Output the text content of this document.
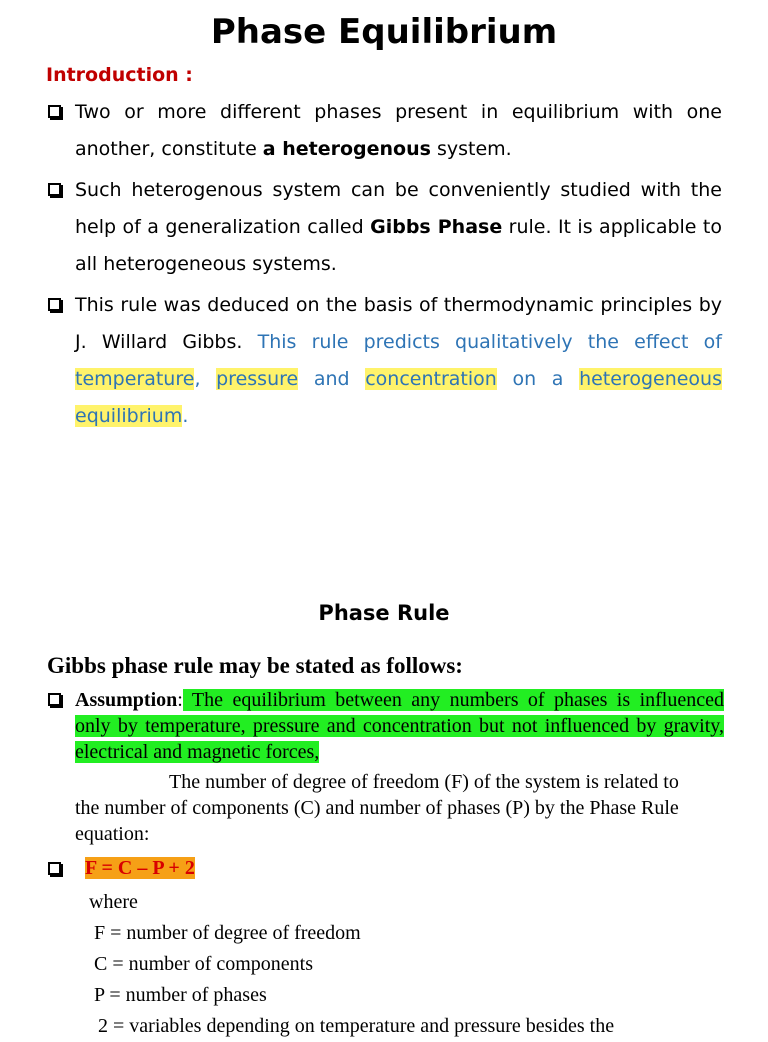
Phase Equilibrium
Introduction :
Two or more different phases present in equilibrium with one another, constitute a heterogenous system.
Such heterogenous system can be conveniently studied with the help of a generalization called Gibbs Phase rule. It is applicable to all heterogeneous systems.
This rule was deduced on the basis of thermodynamic principles by J. Willard Gibbs. This rule predicts qualitatively the effect of temperature, pressure and concentration on a heterogeneous equilibrium.
Phase Rule
Gibbs phase rule may be stated as follows:
Assumption: The equilibrium between any numbers of phases is influenced only by temperature, pressure and concentration but not influenced by gravity, electrical and magnetic forces,
The number of degree of freedom (F) of the system is related to
the number of components (C) and number of phases (P) by the Phase Rule
equation:
F = C – P + 2
where
F = number of degree of freedom
C = number of components
P = number of phases
2 = variables depending on temperature and pressure besides the
